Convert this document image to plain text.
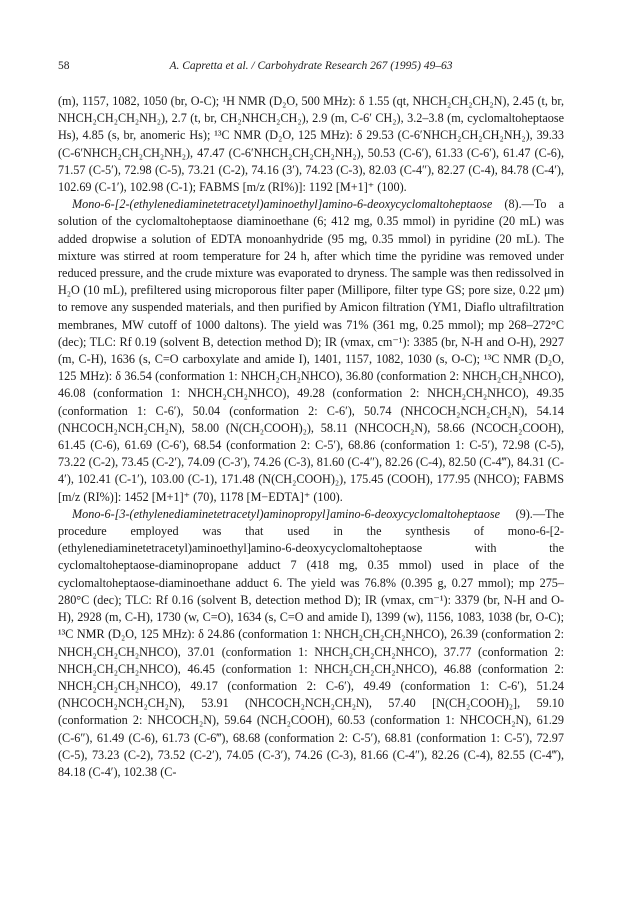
58	A. Capretta et al. / Carbohydrate Research 267 (1995) 49–63

(m), 1157, 1082, 1050 (br, O-C); ¹H NMR (D₂O, 500 MHz): δ 1.55 (qt, NHCH₂CH₂CH₂N), 2.45 (t, br, NHCH₂CH₂CH₂NH₂), 2.7 (t, br, CH₂NHCH₂CH₂), 2.9 (m, C-6′ CH₂), 3.2–3.8 (m, cyclomaltoheptaose Hs), 4.85 (s, br, anomeric Hs); ¹³C NMR (D₂O, 125 MHz): δ 29.53 (C-6′NHCH₂CH₂CH₂NH₂), 39.33 (C-6′NHCH₂CH₂CH₂NH₂), 47.47 (C-6′NHCH₂CH₂CH₂NH₂), 50.53 (C-6′), 61.33 (C-6′), 61.47 (C-6), 71.57 (C-5′), 72.98 (C-5), 73.21 (C-2), 74.16 (3′), 74.23 (C-3), 82.03 (C-4″), 82.27 (C-4), 84.78 (C-4′), 102.69 (C-1′), 102.98 (C-1); FABMS [m/z (RI%)]: 1192 [M+1]⁺ (100).

Mono-6-[2-(ethylenediaminetetracetyl)aminoethyl]amino-6-deoxycyclomaltoheptaose (8).—To a solution of the cyclomaltoheptaose diaminoethane (6; 412 mg, 0.35 mmol) in pyridine (20 mL) was added dropwise a solution of EDTA monoanhydride (95 mg, 0.35 mmol) in pyridine (20 mL). The mixture was stirred at room temperature for 24 h, after which time the pyridine was removed under reduced pressure, and the crude mixture was evaporated to dryness. The sample was then redissolved in H₂O (10 mL), prefiltered using microporous filter paper (Millipore, filter type GS; pore size, 0.22 μm) to remove any suspended materials, and then purified by Amicon filtration (YM1, Diaflo ultrafiltration membranes, MW cutoff of 1000 daltons). The yield was 71% (361 mg, 0.25 mmol); mp 268–272°C (dec); TLC: Rf 0.19 (solvent B, detection method D); IR (νmax, cm⁻¹): 3385 (br, N-H and O-H), 2927 (m, C-H), 1636 (s, C=O carboxylate and amide I), 1401, 1157, 1082, 1030 (s, O-C); ¹³C NMR (D₂O, 125 MHz): δ 36.54 (conformation 1: NHCH₂CH₂NHCO), 36.80 (conformation 2: NHCH₂CH₂NHCO), 46.08 (conformation 1: NHCH₂CH₂NHCO), 49.28 (conformation 2: NHCH₂CH₂NHCO), 49.35 (conformation 1: C-6′), 50.04 (conformation 2: C-6′), 50.74 (NHCOCH₂NCH₂CH₂N), 54.14 (NHCOCH₂NCH₂CH₂N), 58.00 (N(CH₂COOH)₂), 58.11 (NHCOCH₂N), 58.66 (NCOCH₂COOH), 61.45 (C-6), 61.69 (C-6′), 68.54 (conformation 2: C-5′), 68.86 (conformation 1: C-5′), 72.98 (C-5), 73.22 (C-2), 73.45 (C-2′), 74.09 (C-3′), 74.26 (C-3), 81.60 (C-4″), 82.26 (C-4), 82.50 (C-4‴), 84.31 (C-4′), 102.41 (C-1′), 103.00 (C-1), 171.48 (N(CH₂COOH)₂), 175.45 (COOH), 177.95 (NHCO); FABMS [m/z (RI%)]: 1452 [M+1]⁺ (70), 1178 [M−EDTA]⁺ (100).

Mono-6-[3-(ethylenediaminetetracetyl)aminopropyl]amino-6-deoxycyclomaltoheptaose (9).—The procedure employed was that used in the synthesis of mono-6-[2-(ethylenediaminetetracetyl)aminoethyl]amino-6-deoxycyclomaltoheptaose with the cyclomaltoheptaose-diaminopropane adduct 7 (418 mg, 0.35 mmol) used in place of the cyclomaltoheptaose-diaminoethane adduct 6. The yield was 76.8% (0.395 g, 0.27 mmol); mp 275–280°C (dec); TLC: Rf 0.16 (solvent B, detection method D); IR (νmax, cm⁻¹): 3379 (br, N-H and O-H), 2928 (m, C-H), 1730 (w, C=O), 1634 (s, C=O and amide I), 1399 (w), 1156, 1083, 1038 (br, O-C); ¹³C NMR (D₂O, 125 MHz): δ 24.86 (conformation 1: NHCH₂CH₂CH₂NHCO), 26.39 (conformation 2: NHCH₂CH₂CH₂NHCO), 37.01 (conformation 1: NHCH₂CH₂CH₂NHCO), 37.77 (conformation 2: NHCH₂CH₂CH₂NHCO), 46.45 (conformation 1: NHCH₂CH₂CH₂NHCO), 46.88 (conformation 2: NHCH₂CH₂CH₂NHCO), 49.17 (conformation 2: C-6′), 49.49 (conformation 1: C-6′), 51.24 (NHCOCH₂NCH₂CH₂N), 53.91 (NHCOCH₂NCH₂CH₂N), 57.40 [N(CH₂COOH)₂], 59.10 (conformation 2: NHCOCH₂N), 59.64 (NCH₂COOH), 60.53 (conformation 1: NHCOCH₂N), 61.29 (C-6″), 61.49 (C-6), 61.73 (C-6‴), 68.68 (conformation 2: C-5′), 68.81 (conformation 1: C-5′), 72.97 (C-5), 73.23 (C-2), 73.52 (C-2′), 74.05 (C-3′), 74.26 (C-3), 81.66 (C-4″), 82.26 (C-4), 82.55 (C-4‴), 84.18 (C-4′), 102.38 (C-
